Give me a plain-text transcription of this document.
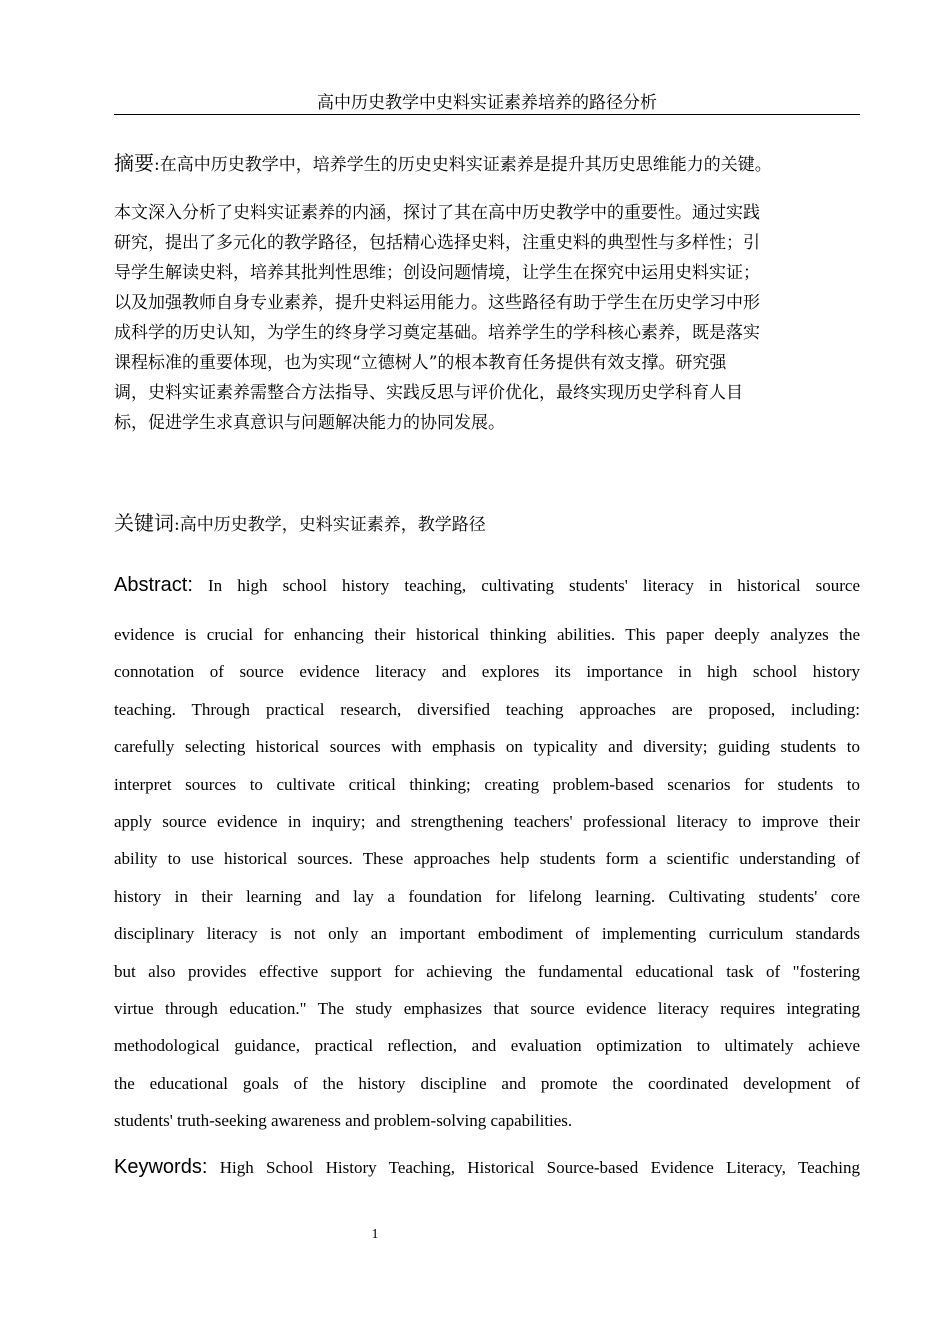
高中历史教学中史料实证素养培养的路径分析
摘要:在高中历史教学中，培养学生的历史史料实证素养是提升其历史思维能力的关键。
本文深入分析了史料实证素养的内涵，探讨了其在高中历史教学中的重要性。通过实践
研究，提出了多元化的教学路径，包括精心选择史料，注重史料的典型性与多样性；引
导学生解读史料，培养其批判性思维；创设问题情境，让学生在探究中运用史料实证；
以及加强教师自身专业素养，提升史料运用能力。这些路径有助于学生在历史学习中形
成科学的历史认知，为学生的终身学习奠定基础。培养学生的学科核心素养，既是落实
课程标准的重要体现，也为实现“立德树人”的根本教育任务提供有效支撑。研究强
调，史料实证素养需整合方法指导、实践反思与评价优化，最终实现历史学科育人目
标，促进学生求真意识与问题解决能力的协同发展。
关键词:高中历史教学，史料实证素养，教学路径
Abstract: In high school history teaching, cultivating students' literacy in historical source
evidence is crucial for enhancing their historical thinking abilities. This paper deeply analyzes the
connotation of source evidence literacy and explores its importance in high school history
teaching. Through practical research, diversified teaching approaches are proposed, including:
carefully selecting historical sources with emphasis on typicality and diversity; guiding students to
interpret sources to cultivate critical thinking; creating problem-based scenarios for students to
apply source evidence in inquiry; and strengthening teachers' professional literacy to improve their
ability to use historical sources. These approaches help students form a scientific understanding of
history in their learning and lay a foundation for lifelong learning. Cultivating students' core
disciplinary literacy is not only an important embodiment of implementing curriculum standards
but also provides effective support for achieving the fundamental educational task of "fostering
virtue through education." The study emphasizes that source evidence literacy requires integrating
methodological guidance, practical reflection, and evaluation optimization to ultimately achieve
the educational goals of the history discipline and promote the coordinated development of
students' truth-seeking awareness and problem-solving capabilities.
Keywords: High School History Teaching, Historical Source-based Evidence Literacy, Teaching
1
